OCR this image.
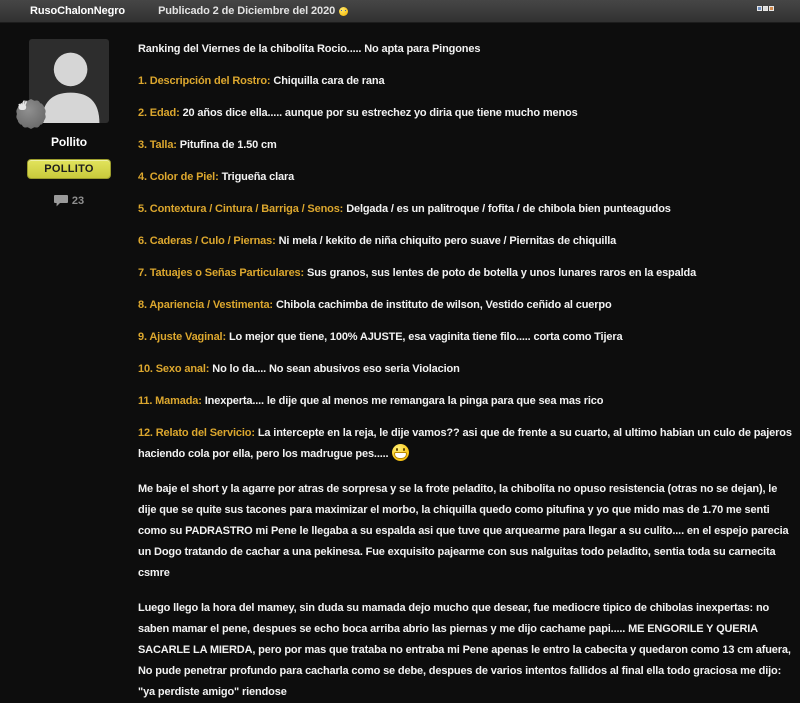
RusoChalonNegro	Publicado 2 de Diciembre del 2020
Pollito
POLLITO
23

Ranking del Viernes de la chibolita Rocio..... No apta para Pingones

1. Descripción del Rostro: Chiquilla cara de rana

2. Edad: 20 años dice ella..... aunque por su estrechez yo diria que tiene mucho menos

3. Talla: Pitufina de 1.50 cm

4. Color de Piel: Trigueña clara

5. Contextura / Cintura / Barriga / Senos: Delgada / es un palitroque / fofita / de chibola bien punteagudos

6. Caderas / Culo / Piernas: Ni mela / kekito de niña chiquito pero suave / Piernitas de chiquilla

7. Tatuajes o Señas Particulares: Sus granos, sus lentes de poto de botella y unos lunares raros en la espalda

8. Apariencia / Vestimenta: Chibola cachimba de instituto de wilson, Vestido ceñido al cuerpo

9. Ajuste Vaginal: Lo mejor que tiene, 100% AJUSTE, esa vaginita tiene filo..... corta como Tijera

10. Sexo anal: No lo da.... No sean abusivos eso seria Violacion

11. Mamada: Inexperta.... le dije que al menos me remangara la pinga para que sea mas rico

12. Relato del Servicio: La intercepte en la reja, le dije vamos?? asi que de frente a su cuarto, al ultimo habian un culo de pajeros haciendo cola por ella, pero los madrugue pes.....

Me baje el short y la agarre por atras de sorpresa y se la frote peladito, la chibolita no opuso resistencia (otras no se dejan), le dije que se quite sus tacones para maximizar el morbo, la chiquilla quedo como pitufina y yo que mido mas de 1.70 me senti como su PADRASTRO mi Pene le llegaba a su espalda asi que tuve que arquearme para llegar a su culito.... en el espejo parecia un Dogo tratando de cachar a una pekinesa. Fue exquisito pajearme con sus nalguitas todo peladito, sentia toda su carnecita csmre

Luego llego la hora del mamey, sin duda su mamada dejo mucho que desear, fue mediocre tipico de chibolas inexpertas: no saben mamar el pene, despues se echo boca arriba abrio las piernas y me dijo cachame papi..... ME ENGORILE Y QUERIA SACARLE LA MIERDA, pero por mas que trataba no entraba mi Pene apenas le entro la cabecita y quedaron como 13 cm afuera, No pude penetrar profundo para cacharla como se debe, despues de varios intentos fallidos al final ella todo graciosa me dijo: "ya perdiste amigo" riendose
